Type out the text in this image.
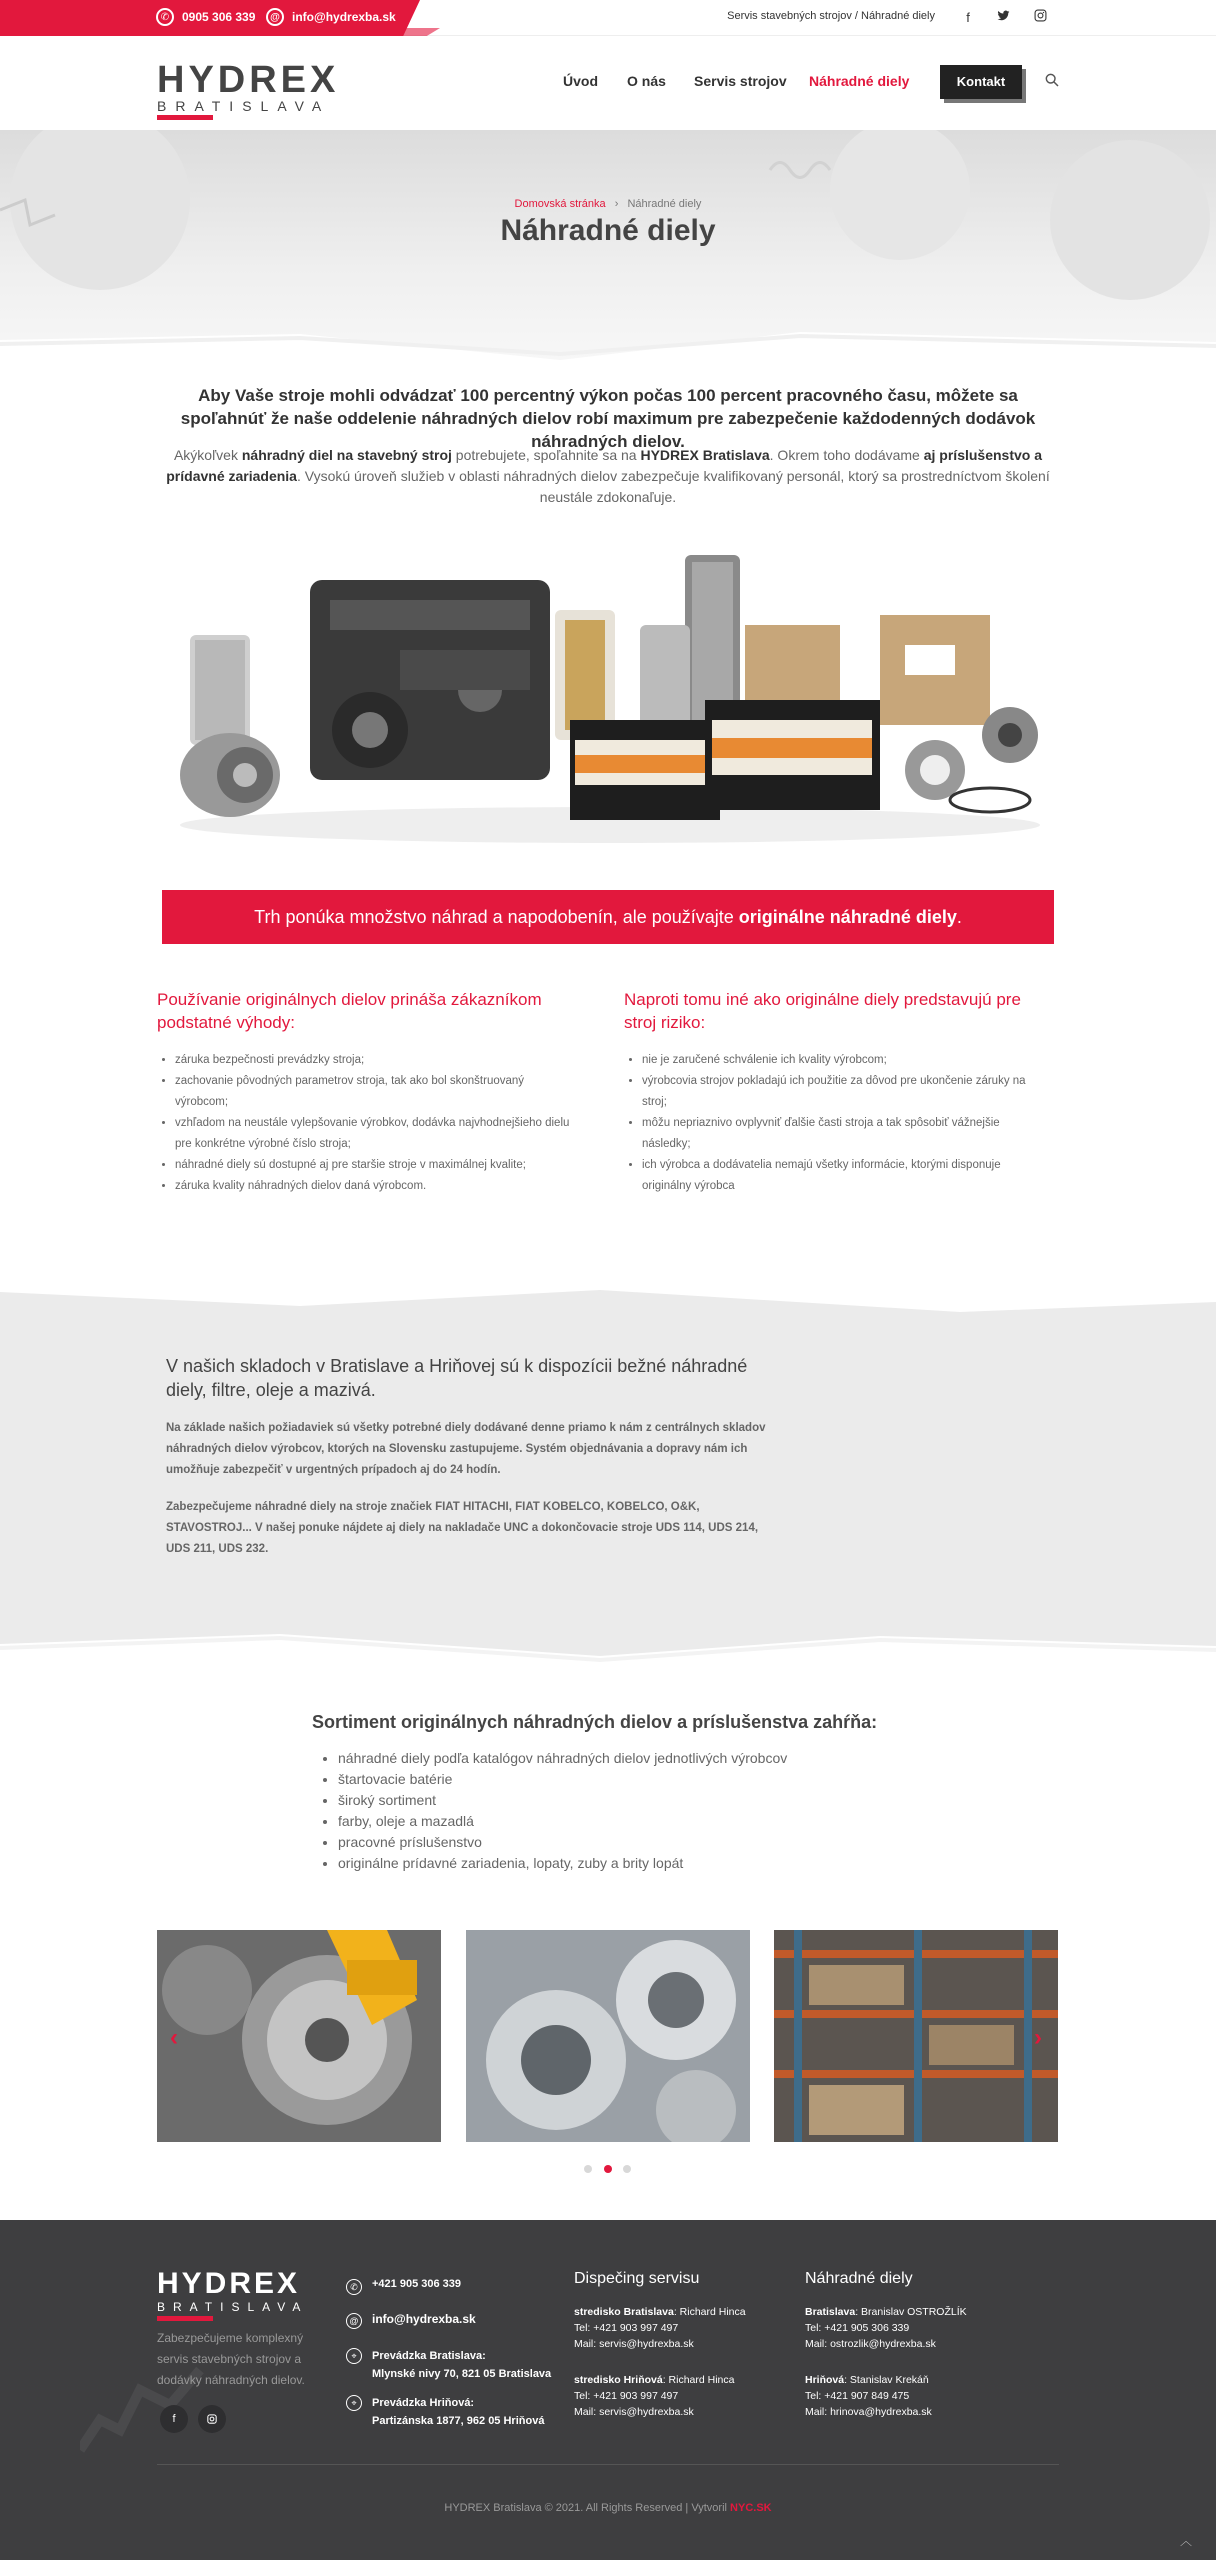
✆	0905 306 339	@	info@hydrexba.sk	Servis stavebných strojov / Náhradné diely	f
HYDREX
BRATISLAVA
Úvod O nás Servis strojov Náhradné diely	Kontakt
Domovská stránka › Náhradné diely
Náhradné diely
Aby Vaše stroje mohli odvádzať 100 percentný výkon počas 100 percent pracovného času, môžete sa spoľahnúť že naše oddelenie náhradných dielov robí maximum pre zabezpečenie každodenných dodávok náhradných dielov.
Akýkoľvek náhradný diel na stavebný stroj potrebujete, spoľahnite sa na HYDREX Bratislava. Okrem toho dodávame aj príslušenstvo a prídavné zariadenia. Vysokú úroveň služieb v oblasti náhradných dielov zabezpečuje kvalifikovaný personál, ktorý sa prostredníctvom školení neustále zdokonaľuje.
Trh ponúka množstvo náhrad a napodobenín, ale používajte originálne náhradné diely.
Používanie originálnych dielov prináša zákazníkom podstatné výhody:
• záruka bezpečnosti prevádzky stroja;
• zachovanie pôvodných parametrov stroja, tak ako bol skonštruovaný výrobcom;
• vzhľadom na neustále vylepšovanie výrobkov, dodávka najvhodnejšieho dielu pre konkrétne výrobné číslo stroja;
• náhradné diely sú dostupné aj pre staršie stroje v maximálnej kvalite;
• záruka kvality náhradných dielov daná výrobcom.
Naproti tomu iné ako originálne diely predstavujú pre stroj riziko:
• nie je zaručené schválenie ich kvality výrobcom;
• výrobcovia strojov pokladajú ich použitie za dôvod pre ukončenie záruky na stroj;
• môžu nepriaznivo ovplyvniť ďalšie časti stroja a tak spôsobiť vážnejšie následky;
• ich výrobca a dodávatelia nemajú všetky informácie, ktorými disponuje originálny výrobca
V našich skladoch v Bratislave a Hriňovej sú k dispozícii bežné náhradné diely, filtre, oleje a mazivá.
Na základe našich požiadaviek sú všetky potrebné diely dodávané denne priamo k nám z centrálnych skladov náhradných dielov výrobcov, ktorých na Slovensku zastupujeme. Systém objednávania a dopravy nám ich umožňuje zabezpečiť v urgentných prípadoch aj do 24 hodín.
Zabezpečujeme náhradné diely na stroje značiek FIAT HITACHI, FIAT KOBELCO, KOBELCO, O&K, STAVOSTROJ... V našej ponuke nájdete aj diely na nakladače UNC a dokončovacie stroje UDS 114, UDS 214, UDS 211, UDS 232.
Sortiment originálnych náhradných dielov a príslušenstva zahŕňa:
• náhradné diely podľa katalógov náhradných dielov jednotlivých výrobcov
• štartovacie batérie
• široký sortiment
• farby, oleje a mazadlá
• pracovné príslušenstvo
• originálne prídavné zariadenia, lopaty, zuby a brity lopát
‹	›
HYDREX
BRATISLAVA
Zabezpečujeme komplexný servis stavebných strojov a dodávky náhradných dielov.
f
✆	+421 905 306 339
@ info@hydrexba.sk
⌖	Prevádzka Bratislava:
Mlynské nivy 70, 821 05 Bratislava
⌖	Prevádzka Hriňová:
Partizánska 1877, 962 05 Hriňová
Dispečing servisu
stredisko Bratislava: Richard Hinca
Tel: +421 903 997 497
Mail: servis@hydrexba.sk
stredisko Hriňová: Richard Hinca
Tel: +421 903 997 497
Mail: servis@hydrexba.sk
Náhradné diely
Bratislava: Branislav OSTROŽLÍK
Tel: +421 905 306 339
Mail: ostrozlik@hydrexba.sk
Hriňová: Stanislav Krekáň
Tel: +421 907 849 475
Mail: hrinova@hydrexba.sk
HYDREX Bratislava © 2021. All Rights Reserved | Vytvoril NYC.SK
︿
